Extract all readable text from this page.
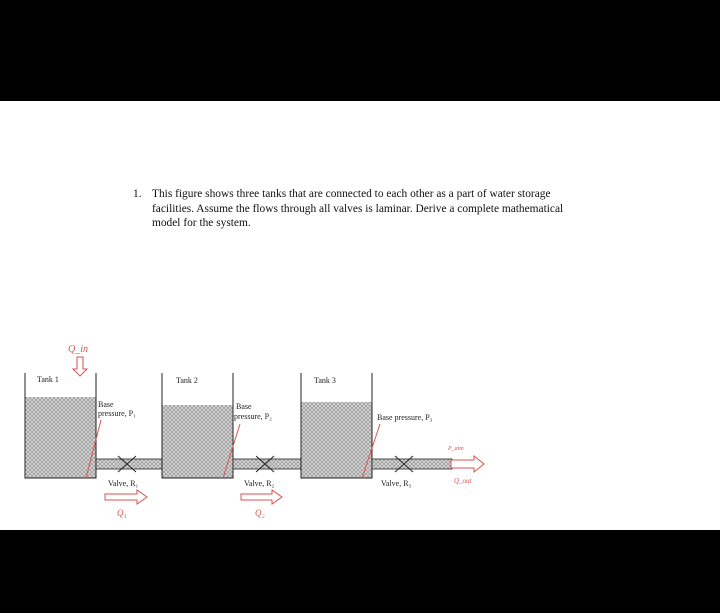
1. This figure shows three tanks that are connected to each other as a part of water storage facilities. Assume the flows through all valves is laminar. Derive a complete mathematical model for the system.
Tank 1
Base
pressure, P₁
Q_in
Valve, R₁
Q₁
Tank 2
Base
pressure, P₂
Valve, R₂
Q₂
Tank 3
Base pressure, P₃
Valve, R₃
P_atm
Q_out
